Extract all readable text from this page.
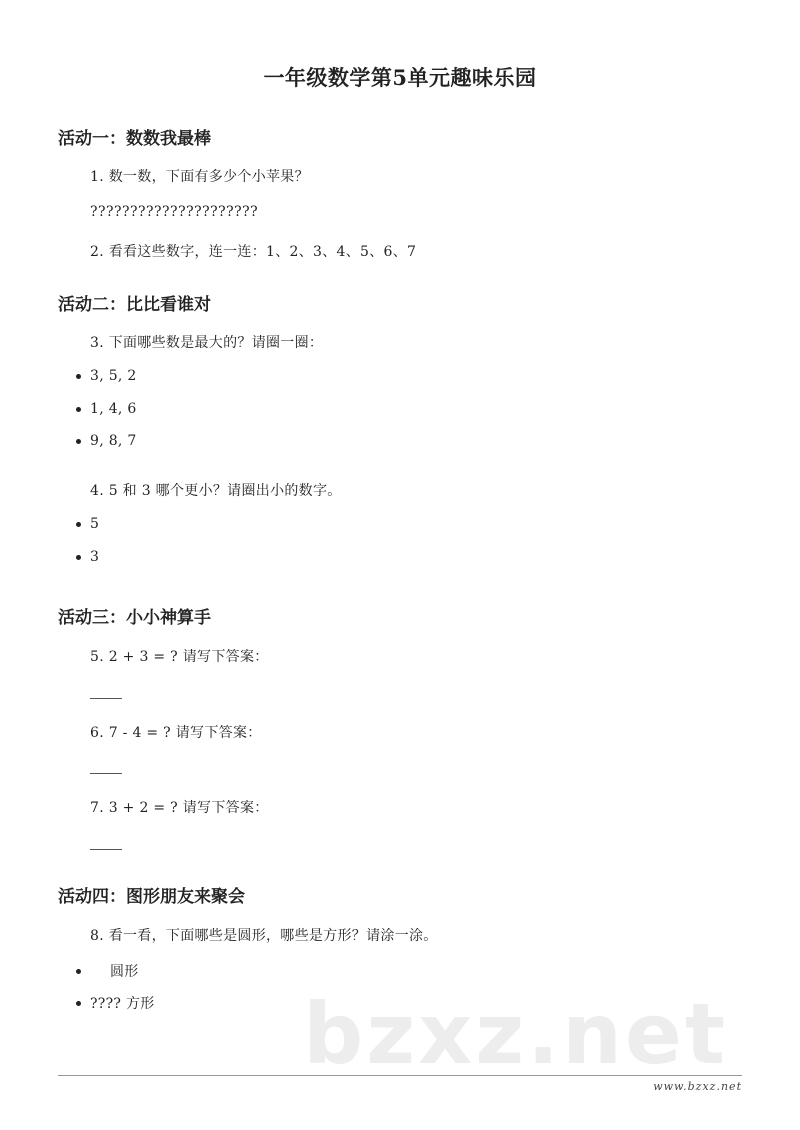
一年级数学第5单元趣味乐园
活动一：数数我最棒
1. 数一数，下面有多少个小苹果？
?????????????????????
2. 看看这些数字，连一连：1、2、3、4、5、6、7
活动二：比比看谁对
3. 下面哪些数是最大的？请圈一圈：
3, 5, 2
1, 4, 6
9, 8, 7
4. 5 和 3 哪个更小？请圈出小的数字。
5
3
活动三：小小神算手
5. 2 + 3 = ? 请写下答案：
6. 7 - 4 = ? 请写下答案：
7. 3 + 2 = ? 请写下答案：
活动四：图形朋友来聚会
8. 看一看，下面哪些是圆形，哪些是方形？请涂一涂。
圆形
???? 方形 bzxz.net
www.bzxz.net
